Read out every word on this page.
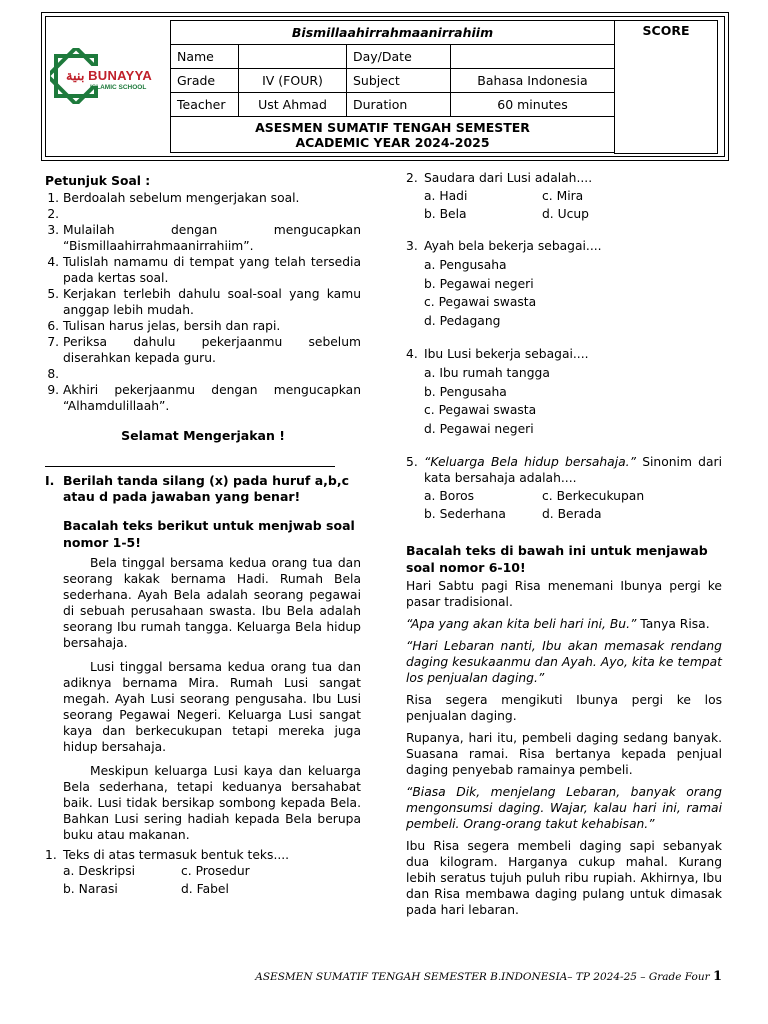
بنية BUNAYYA
ISLAMIC SCHOOL
Bismillaahirrahmaanirrahiim			
Name		Day/Date	
Grade	IV (FOUR)	Subject	Bahasa Indonesia
Teacher	Ust Ahmad	Duration	60 minutes

ASESMEN SUMATIF TENGAH SEMESTER
ACADEMIC YEAR 2024-2025			
SCORE
Petunjuk Soal :
1. Berdoalah sebelum mengerjakan soal.
2.
3. Mulailah dengan mengucapkan “Bismillaahirrahmaanirrahiim”.
4. Tulislah namamu di tempat yang telah tersedia pada kertas soal.
5. Kerjakan terlebih dahulu soal-soal yang kamu anggap lebih mudah.
6. Tulisan harus jelas, bersih dan rapi.
7. Periksa dahulu pekerjaanmu sebelum diserahkan kepada guru.
8.
9. Akhiri pekerjaanmu dengan mengucapkan “Alhamdulillaah”.
Selamat Mengerjakan !
I. Berilah tanda silang (x) pada huruf a,b,c atau d pada jawaban yang benar!
Bacalah teks berikut untuk menjwab soal nomor 1-5!

Bela tinggal bersama kedua orang tua dan seorang kakak bernama Hadi. Rumah Bela sederhana. Ayah Bela adalah seorang pegawai di sebuah perusahaan swasta. Ibu Bela adalah seorang Ibu rumah tangga. Keluarga Bela hidup bersahaja.

Lusi tinggal bersama kedua orang tua dan adiknya bernama Mira. Rumah Lusi sangat megah. Ayah Lusi seorang pengusaha. Ibu Lusi seorang Pegawai Negeri. Keluarga Lusi sangat kaya dan berkecukupan tetapi mereka juga hidup bersahaja.

Meskipun keluarga Lusi kaya dan keluarga Bela sederhana, tetapi keduanya bersahabat baik. Lusi tidak bersikap sombong kepada Bela. Bahkan Lusi sering hadiah kepada Bela berupa buku atau makanan.

1. Teks di atas termasuk bentuk teks....
a. Deskripsi	c. Prosedur
b. Narasi	d. Fabel
2. Saudara dari Lusi adalah....
a. Hadi	c. Mira
b. Bela	d. Ucup
3. Ayah bela bekerja sebagai....
a. Pengusaha
b. Pegawai negeri
c. Pegawai swasta
d. Pedagang
4. Ibu Lusi bekerja sebagai....
a. Ibu rumah tangga
b. Pengusaha
c. Pegawai swasta
d. Pegawai negeri
5. “Keluarga Bela hidup bersahaja.” Sinonim dari kata bersahaja adalah....
a. Boros	c. Berkecukupan
b. Sederhana	d. Berada
Bacalah teks di bawah ini untuk menjawab soal nomor 6-10!

Hari Sabtu pagi Risa menemani Ibunya pergi ke pasar tradisional.

“Apa yang akan kita beli hari ini, Bu.” Tanya Risa.

“Hari Lebaran nanti, Ibu akan memasak rendang daging kesukaanmu dan Ayah. Ayo, kita ke tempat los penjualan daging.”

Risa segera mengikuti Ibunya pergi ke los penjualan daging.

Rupanya, hari itu, pembeli daging sedang banyak. Suasana ramai. Risa bertanya kepada penjual daging penyebab ramainya pembeli.

“Biasa Dik, menjelang Lebaran, banyak orang mengonsumsi daging. Wajar, kalau hari ini, ramai pembeli. Orang-orang takut kehabisan.”

Ibu Risa segera membeli daging sapi sebanyak dua kilogram. Harganya cukup mahal. Kurang lebih seratus tujuh puluh ribu rupiah. Akhirnya, Ibu dan Risa membawa daging pulang untuk dimasak pada hari lebaran.

ASESMEN SUMATIF TENGAH SEMESTER B.INDONESIA– TP 2024-25 – Grade Four 1
